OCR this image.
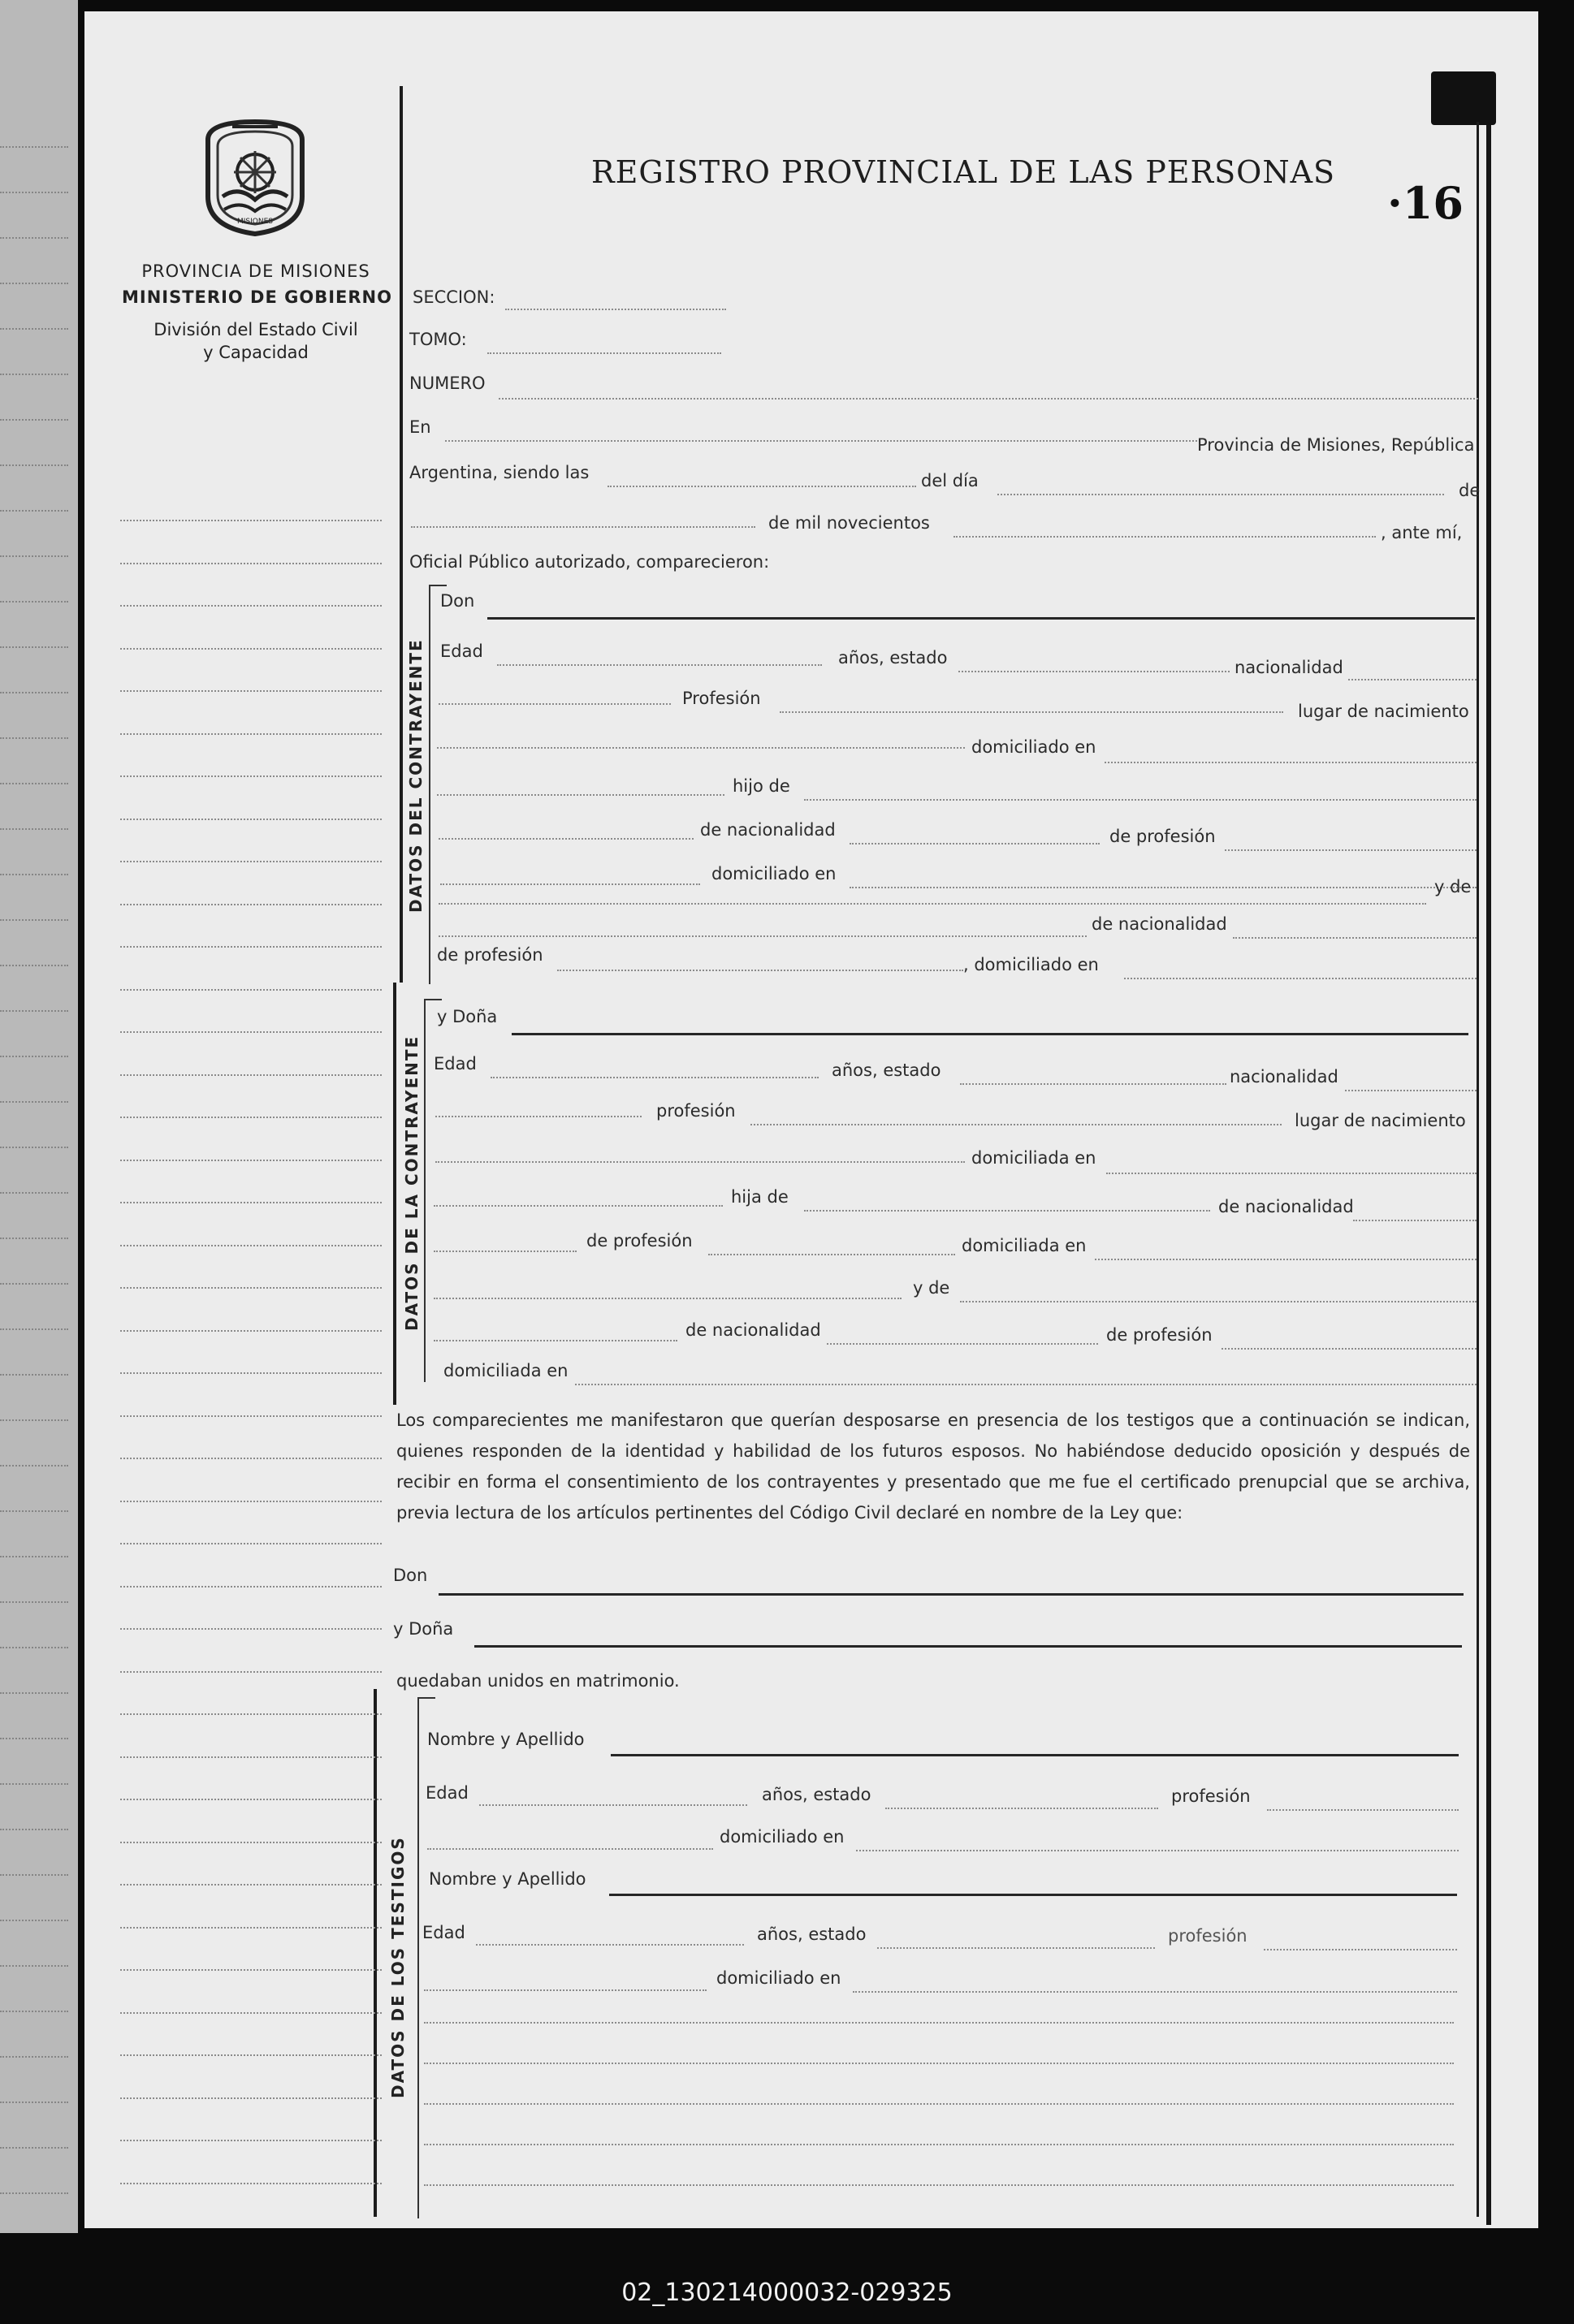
MISIONES
PROVINCIA DE MISIONES
MINISTERIO DE GOBIERNO
División del Estado Civil
y Capacidad
REGISTRO PROVINCIAL DE LAS PERSONAS
·16
DATOS DEL CONTRAYENTE
DATOS DE LA CONTRAYENTE
DATOS DE LOS TESTIGOS
SECCION:
TOMO:
NUMERO
En
Provincia de Misiones, República
Argentina, siendo las	del día	de
de mil novecientos	, ante mí,
Oficial Público autorizado, comparecieron:
Don
Edad	años, estado	nacionalidad
Profesión
lugar de nacimiento
domiciliado en
hijo de
de nacionalidad	de profesión
domiciliado en
y de
de nacionalidad
de profesión	, domiciliado en
y Doña
Edad	años, estado	nacionalidad
profesión	lugar de nacimiento
domiciliada en
hija de	de nacionalidad
de profesión	domiciliada en
y de
de nacionalidad	de profesión
domiciliada en
Los comparecientes me manifestaron que querían desposarse en presencia de los testigos que a continuación se indican, quienes responden de la identidad y habilidad de los futuros esposos. No habiéndose deducido oposición y después de recibir en forma el consentimiento de los contrayentes y presentado que me fue el certificado prenupcial que se archiva, previa lectura de los artículos pertinentes del Código Civil declaré en nombre de la Ley que:
Don
y Doña
quedaban unidos en matrimonio.
Nombre y Apellido
Edad	años, estado	profesión
domiciliado en
Nombre y Apellido
Edad	años, estado	profesión
domiciliado en
02_130214000032-029325
